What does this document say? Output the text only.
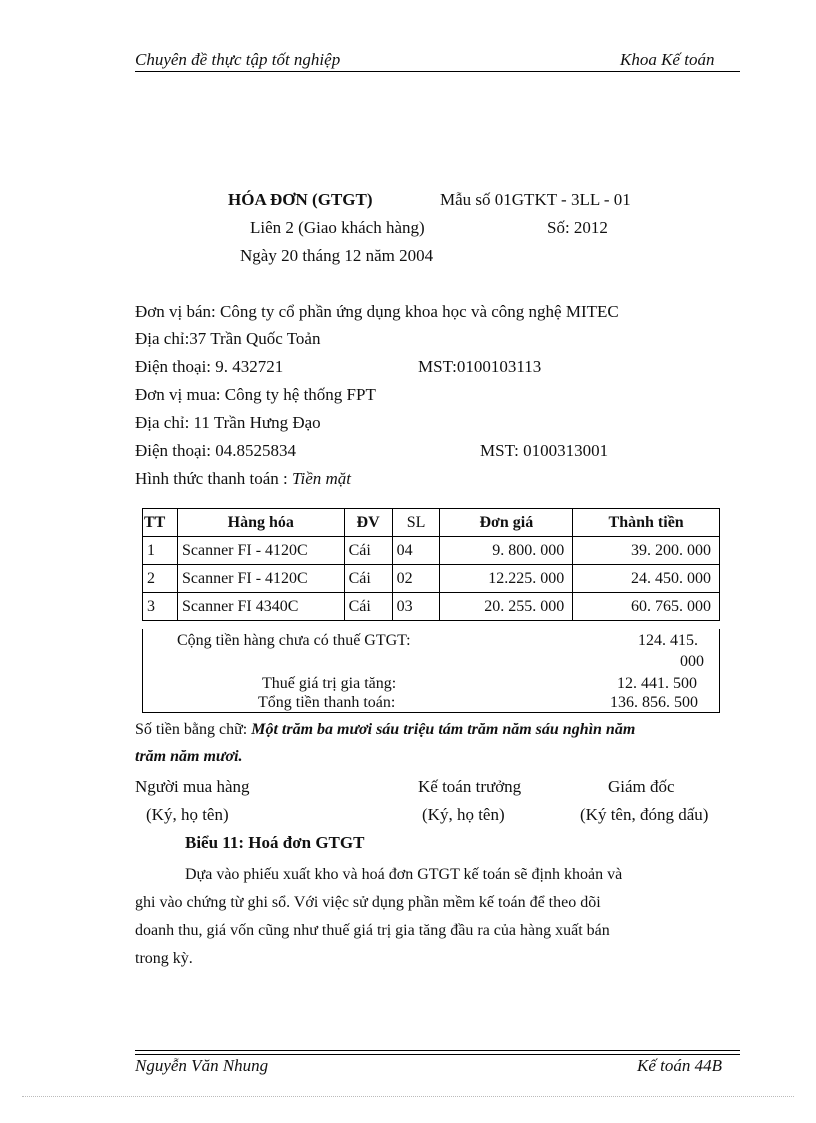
Chuyên đề thực tập tốt nghiệp	Khoa Kế toán
HÓA ĐƠN (GTGT)	Mẫu số 01GTKT - 3LL - 01
Liên 2 (Giao khách hàng)	Số: 2012
Ngày 20 tháng 12 năm 2004
Đơn vị bán: Công ty cổ phần ứng dụng khoa học và công nghệ MITEC
Địa chỉ:37 Trần Quốc Toản
Điện thoại: 9. 432721	MST:0100103113
Đơn vị mua: Công ty hệ thống FPT
Địa chỉ: 11 Trần Hưng Đạo
Điện thoại: 04.8525834	MST: 0100313001
Hình thức thanh toán : Tiền mặt
TT	Hàng hóa	ĐV	SL	Đơn giá	Thành tiền
1	Scanner FI - 4120C	Cái	04	9. 800. 000	39. 200. 000
2	Scanner FI - 4120C	Cái	02	12.225. 000	24. 450. 000
3	Scanner FI 4340C	Cái	03	20. 255. 000	60. 765. 000
Cộng tiền hàng chưa có thuế GTGT:	124. 415.
000
Thuế giá trị gia tăng:	12. 441. 500
Tổng tiền thanh toán:	136. 856. 500
Số tiền bằng chữ: Một trăm ba mươi sáu triệu tám trăm năm sáu nghìn năm
trăm năm mươi.
Người mua hàng	Kế toán trưởng	Giám đốc
(Ký, họ tên)	(Ký, họ tên)	(Ký tên, đóng dấu)
Biểu 11: Hoá đơn GTGT
Dựa vào phiếu xuất kho và hoá đơn GTGT kế toán sẽ định khoản và
ghi vào chứng từ ghi sổ. Với việc sử dụng phần mềm kế toán để theo dõi
doanh thu, giá vốn cũng như thuế giá trị gia tăng đầu ra của hàng xuất bán
trong kỳ.
Nguyễn Văn Nhung	Kế toán 44B
